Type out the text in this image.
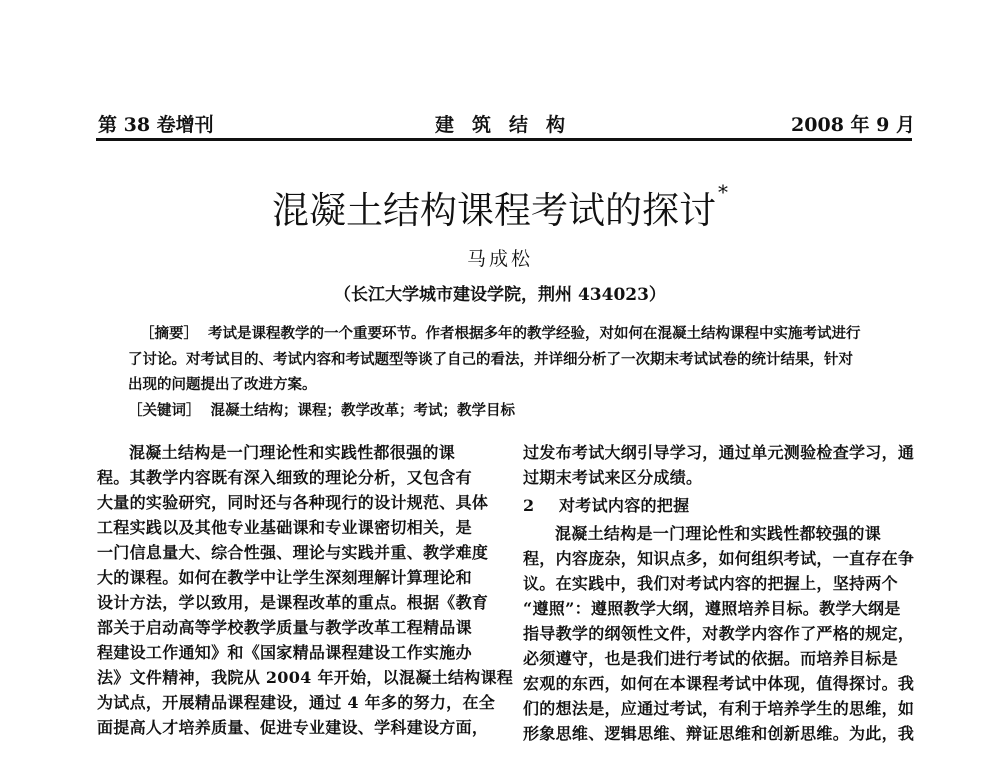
第 38 卷增刊	建筑结构	2008 年 9 月
混凝土结构课程考试的探讨 *
马成松
（长江大学城市建设学院，荆州 434023）
［摘要］ 考试是课程教学的一个重要环节。作者根据多年的教学经验，对如何在混凝土结构课程中实施考试进行
了讨论。对考试目的、考试内容和考试题型等谈了自己的看法，并详细分析了一次期末考试试卷的统计结果，针对
出现的问题提出了改进方案。
［关键词］ 混凝土结构；课程；教学改革；考试；教学目标
混凝土结构是一门理论性和实践性都很强的课
程。其教学内容既有深入细致的理论分析，又包含有
大量的实验研究，同时还与各种现行的设计规范、具体
工程实践以及其他专业基础课和专业课密切相关，是
一门信息量大、综合性强、理论与实践并重、教学难度
大的课程。如何在教学中让学生深刻理解计算理论和
设计方法，学以致用，是课程改革的重点。根据《教育
部关于启动高等学校教学质量与教学改革工程精品课
程建设工作通知》和《国家精品课程建设工作实施办
法》文件精神，我院从 2004 年开始，以混凝土结构课程
为试点，开展精品课程建设，通过 4 年多的努力，在全
面提高人才培养质量、促进专业建设、学科建设方面，
过发布考试大纲引导学习，通过单元测验检查学习，通
过期末考试来区分成绩。
2 对考试内容的把握
混凝土结构是一门理论性和实践性都较强的课
程，内容庞杂，知识点多，如何组织考试，一直存在争
议。在实践中，我们对考试内容的把握上，坚持两个
“遵照”：遵照教学大纲，遵照培养目标。教学大纲是
指导教学的纲领性文件，对教学内容作了严格的规定，
必须遵守，也是我们进行考试的依据。而培养目标是
宏观的东西，如何在本课程考试中体现，值得探讨。我
们的想法是，应通过考试，有利于培养学生的思维，如
形象思维、逻辑思维、辩证思维和创新思维。为此，我
